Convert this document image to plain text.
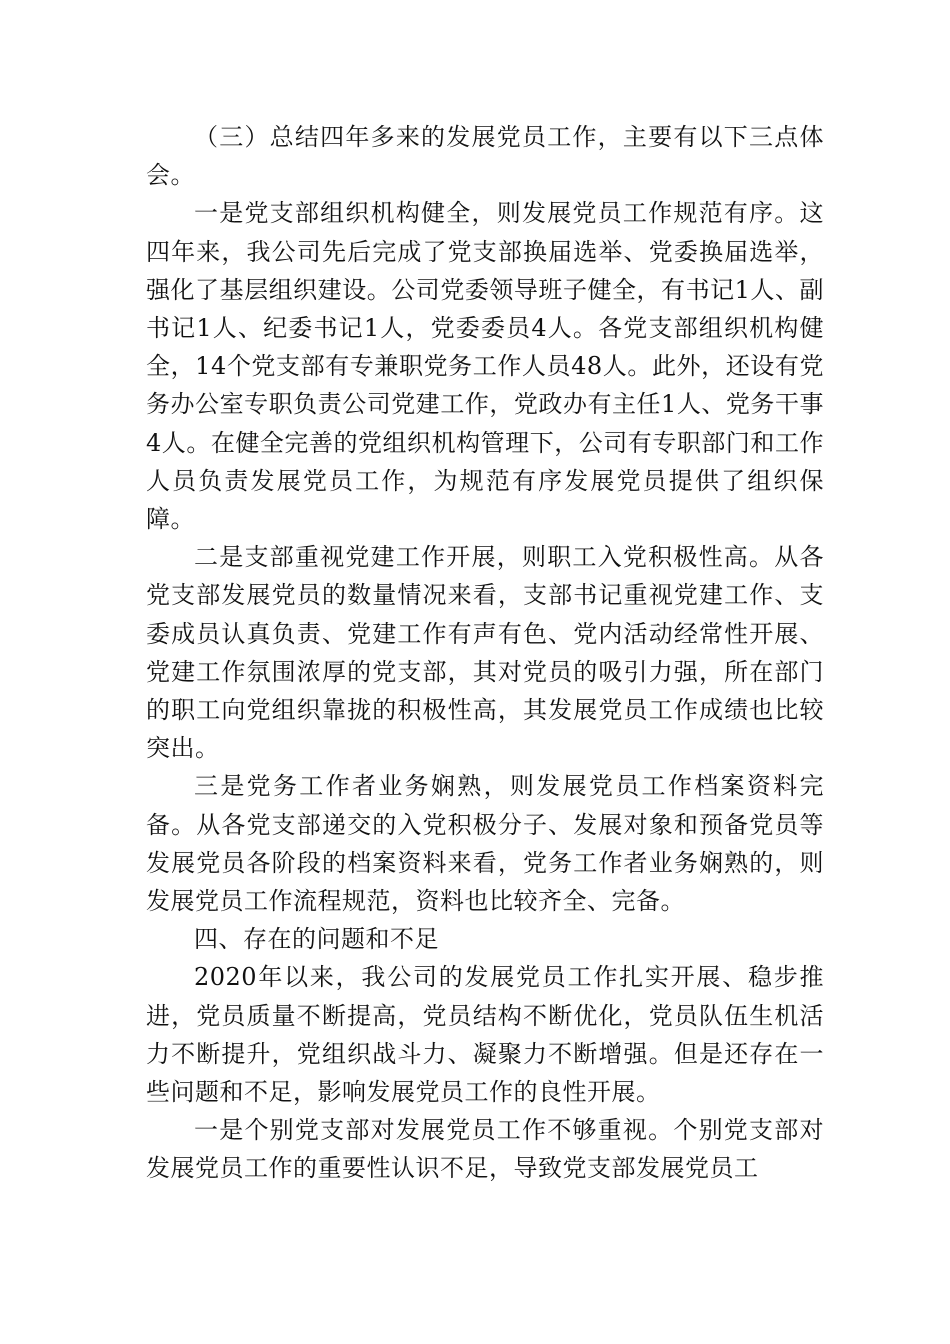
（三）总结四年多来的发展党员工作，主要有以下三点体会。

一是党支部组织机构健全，则发展党员工作规范有序。这四年来，我公司先后完成了党支部换届选举、党委换届选举，强化了基层组织建设。公司党委领导班子健全，有书记1人、副书记1人、纪委书记1人，党委委员4人。各党支部组织机构健全，14个党支部有专兼职党务工作人员48人。此外，还设有党务办公室专职负责公司党建工作，党政办有主任1人、党务干事4人。在健全完善的党组织机构管理下，公司有专职部门和工作人员负责发展党员工作，为规范有序发展党员提供了组织保障。

二是支部重视党建工作开展，则职工入党积极性高。从各党支部发展党员的数量情况来看，支部书记重视党建工作、支委成员认真负责、党建工作有声有色、党内活动经常性开展、党建工作氛围浓厚的党支部，其对党员的吸引力强，所在部门的职工向党组织靠拢的积极性高，其发展党员工作成绩也比较突出。

三是党务工作者业务娴熟，则发展党员工作档案资料完备。从各党支部递交的入党积极分子、发展对象和预备党员等发展党员各阶段的档案资料来看，党务工作者业务娴熟的，则发展党员工作流程规范，资料也比较齐全、完备。

四、存在的问题和不足

2020年以来，我公司的发展党员工作扎实开展、稳步推进，党员质量不断提高，党员结构不断优化，党员队伍生机活力不断提升，党组织战斗力、凝聚力不断增强。但是还存在一些问题和不足，影响发展党员工作的良性开展。

一是个别党支部对发展党员工作不够重视。个别党支部对发展党员工作的重要性认识不足，导致党支部发展党员工
